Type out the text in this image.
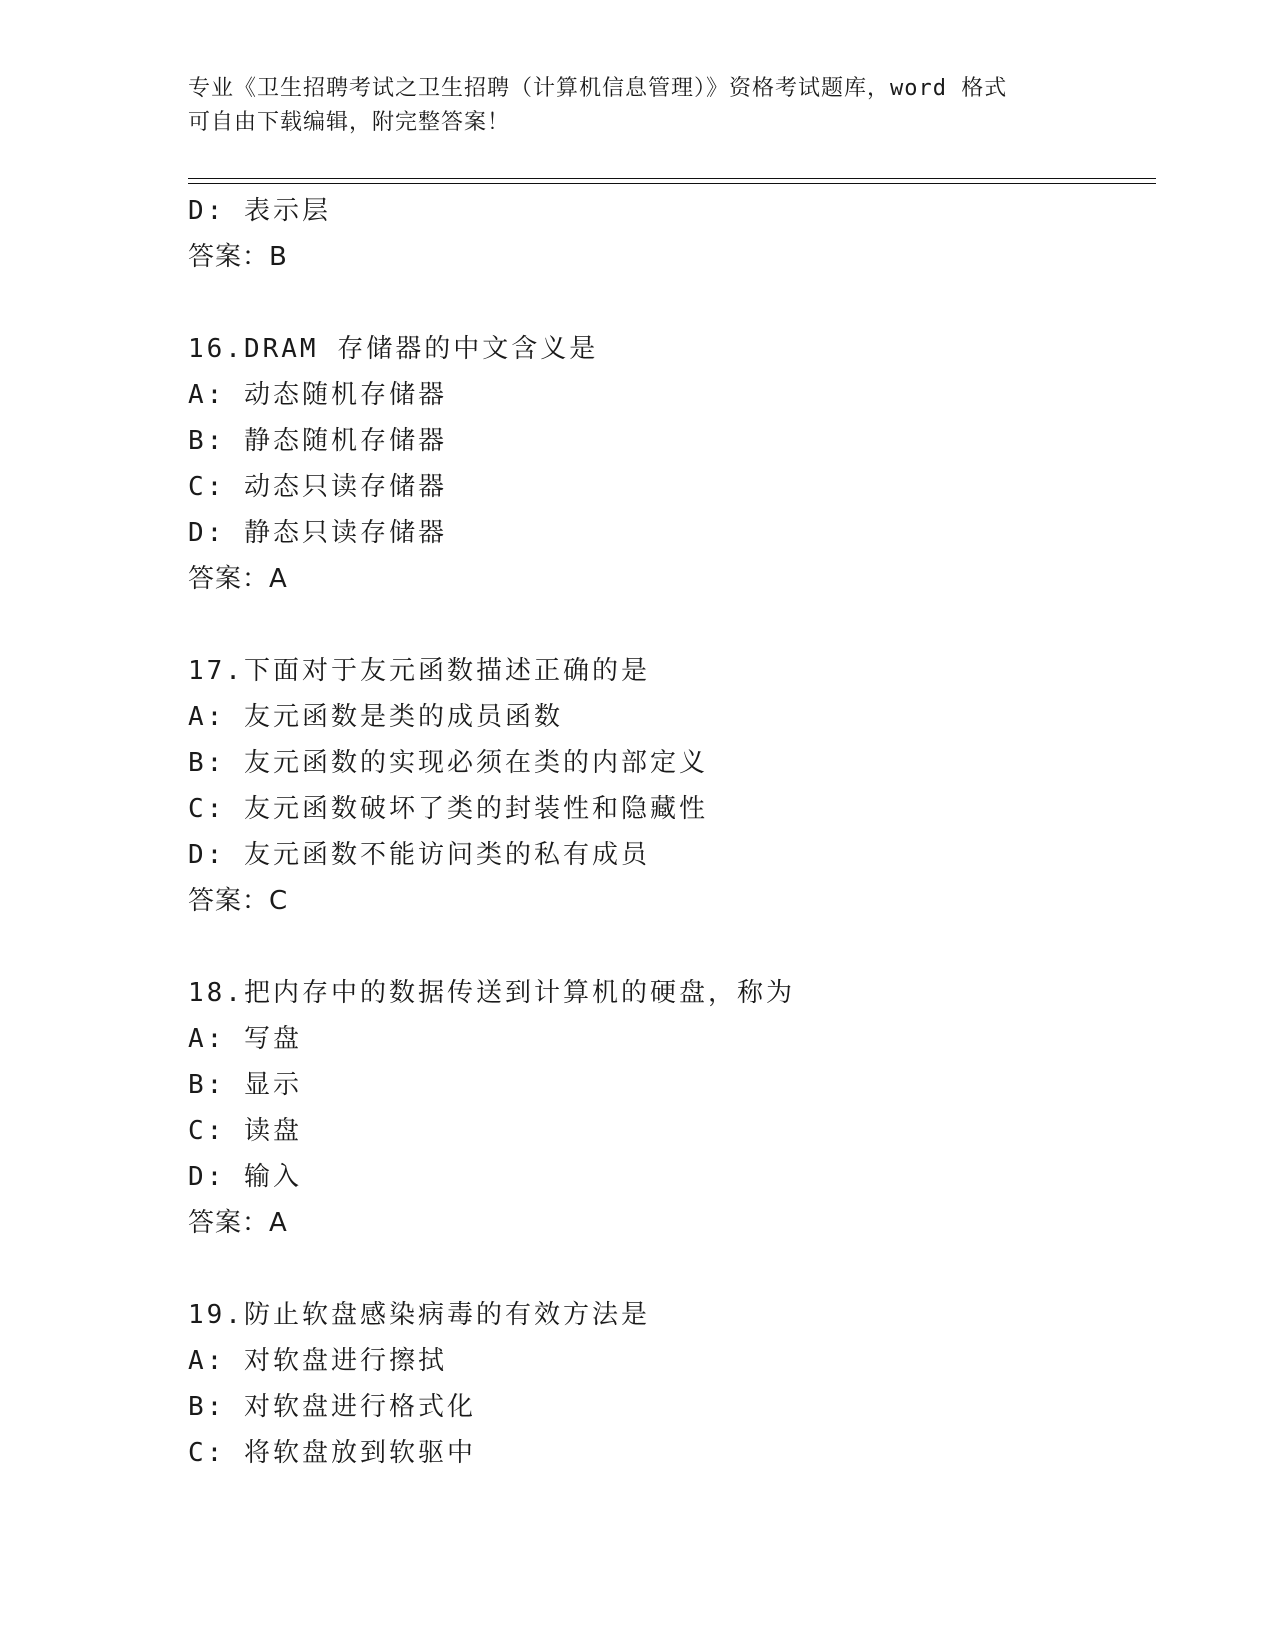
专业《卫生招聘考试之卫生招聘（计算机信息管理）》资格考试题库，word 格式
可自由下载编辑，附完整答案！
D: 表示层
答案：B
16.DRAM 存储器的中文含义是
A: 动态随机存储器
B: 静态随机存储器
C: 动态只读存储器
D: 静态只读存储器
答案：A
17.下面对于友元函数描述正确的是
A: 友元函数是类的成员函数
B: 友元函数的实现必须在类的内部定义
C: 友元函数破坏了类的封装性和隐藏性
D: 友元函数不能访问类的私有成员
答案：C
18.把内存中的数据传送到计算机的硬盘，称为
A: 写盘
B: 显示
C: 读盘
D: 输入
答案：A
19.防止软盘感染病毒的有效方法是
A: 对软盘进行擦拭
B: 对软盘进行格式化
C: 将软盘放到软驱中
